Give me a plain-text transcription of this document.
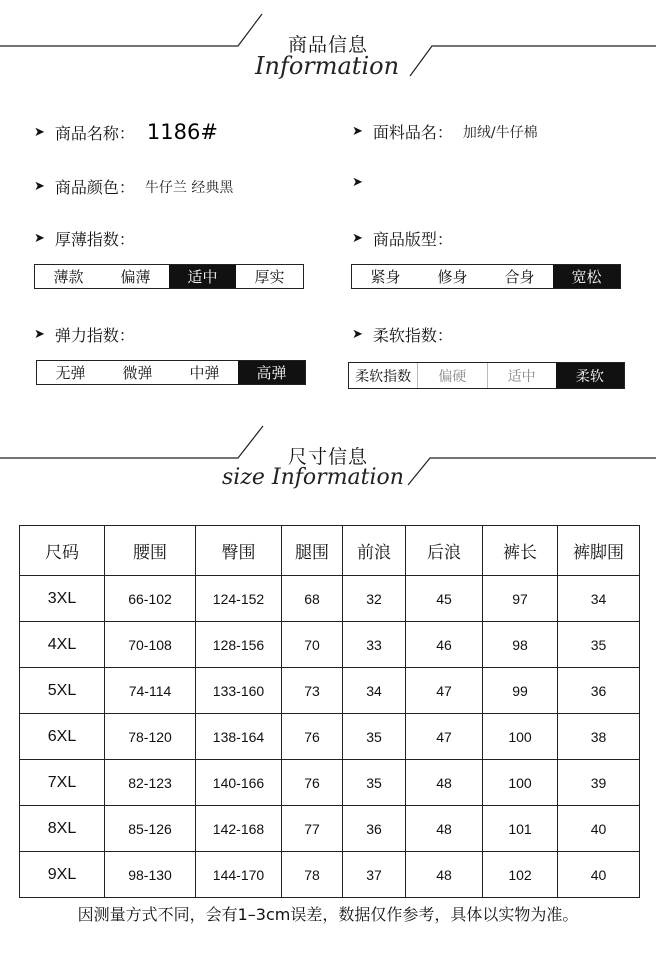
商品信息
Information
➤ 商品名称： 1186#	➤ 面料品名： 加绒/牛仔棉
➤ 商品颜色： 牛仔兰 经典黑	➤
➤ 厚薄指数：	➤ 商品版型：
薄款	偏薄	适中	厚实	紧身	修身	合身	宽松
➤ 弹力指数：	➤ 柔软指数：
无弹	微弹	中弹	高弹	柔软指数	偏硬	适中	柔软
尺寸信息
size Information
尺码	腰围	臀围	腿围	前浪	后浪	裤长	裤脚围
3XL	66-102	124-152	68	32	45	97	34
4XL	70-108	128-156	70	33	46	98	35
5XL	74-114	133-160	73	34	47	99	36
6XL	78-120	138-164	76	35	47	100	38
7XL	82-123	140-166	76	35	48	100	39
8XL	85-126	142-168	77	36	48	101	40
9XL	98-130	144-170	78	37	48	102	40
因测量方式不同，会有1–3cm误差，数据仅作参考，具体以实物为准。
